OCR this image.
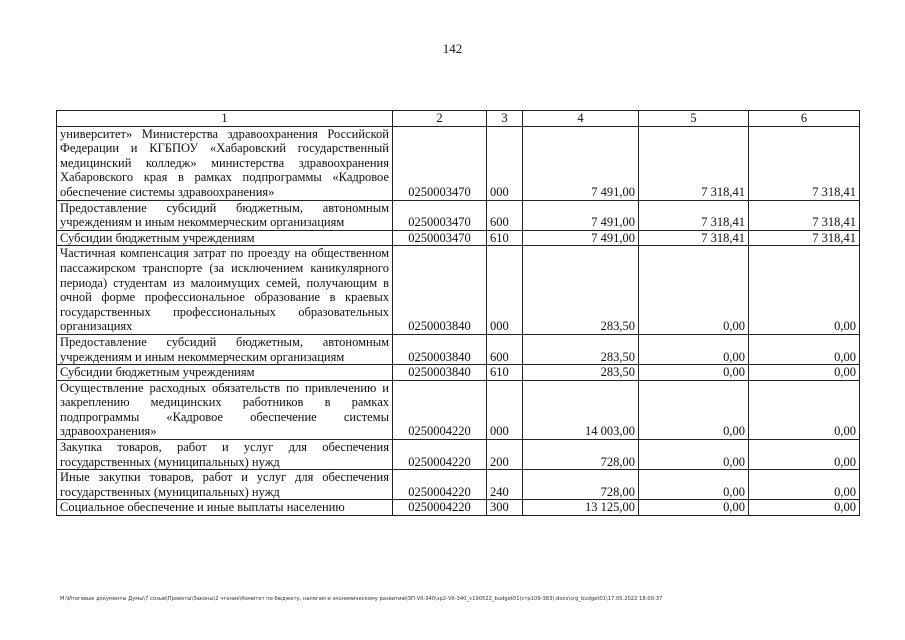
142
1	2	3	4	5	6
университет» Министерства здравоохранения Российской Федерации и КГБПОУ «Хабаровский государственный медицинский колледж» министерства здравоохранения Хабаровского края в рамках подпрограммы «Кадровое обеспечение системы здравоохранения»	0250003470	000	7 491,00	7 318,41	7 318,41
Предоставление субсидий бюджетным, автономным учреждениям и иным некоммерческим организациям	0250003470	600	7 491,00	7 318,41	7 318,41
Субсидии бюджетным учреждениям	0250003470	610	7 491,00	7 318,41	7 318,41
Частичная компенсация затрат по проезду на общественном пассажирском транспорте (за исключением каникулярного периода) студентам из малоимущих семей, получающим в очной форме профессиональное образование в краевых государственных профессиональных образовательных организациях	0250003840	000	283,50	0,00	0,00
Предоставление субсидий бюджетным, автономным учреждениям и иным некоммерческим организациям	0250003840	600	283,50	0,00	0,00
Субсидии бюджетным учреждениям	0250003840	610	283,50	0,00	0,00
Осуществление расходных обязательств по привлечению и закреплению медицинских работников в рамках подпрограммы «Кадровое обеспечение системы здравоохранения»	0250004220	000	14 003,00	0,00	0,00
Закупка товаров, работ и услуг для обеспечения государственных (муниципальных) нужд	0250004220	200	728,00	0,00	0,00
Иные закупки товаров, работ и услуг для обеспечения государственных (муниципальных) нужд	0250004220	240	728,00	0,00	0,00
Социальное обеспечение и иные выплаты населению	0250004220	300	13 125,00	0,00	0,00
M:\Итоговые документы Думы\7 созыв\Проекты\Законы\2 чтение\Комитет по бюджету, налогам и экономическому развитию\ЗП-VII-340\зр2-VII-340_v190522_budget01(стр109-383).docx\crg_budget01\17.05.2022 18:00:37
